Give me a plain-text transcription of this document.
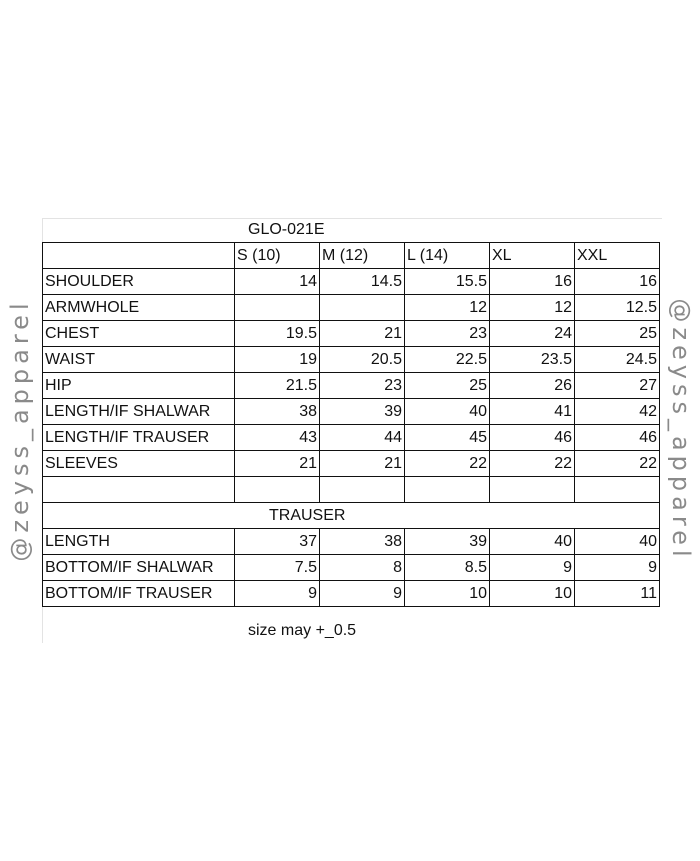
@zeyss_apparel	@zeyss_apparel
GLO-021E
	S (10)	M (12)	L (14)	XL	XXL
SHOULDER	14	14.5	15.5	16	16
ARMWHOLE			12	12	12.5
CHEST	19.5	21	23	24	25
WAIST	19	20.5	22.5	23.5	24.5
HIP	21.5	23	25	26	27
LENGTH/IF SHALWAR	38	39	40	41	42
LENGTH/IF TRAUSER	43	44	45	46	46
SLEEVES	21	21	22	22	22

TRAUSER					
LENGTH	37	38	39	40	40
BOTTOM/IF SHALWAR	7.5	8	8.5	9	9
BOTTOM/IF TRAUSER	9	9	10	10	11
size may +_0.5
